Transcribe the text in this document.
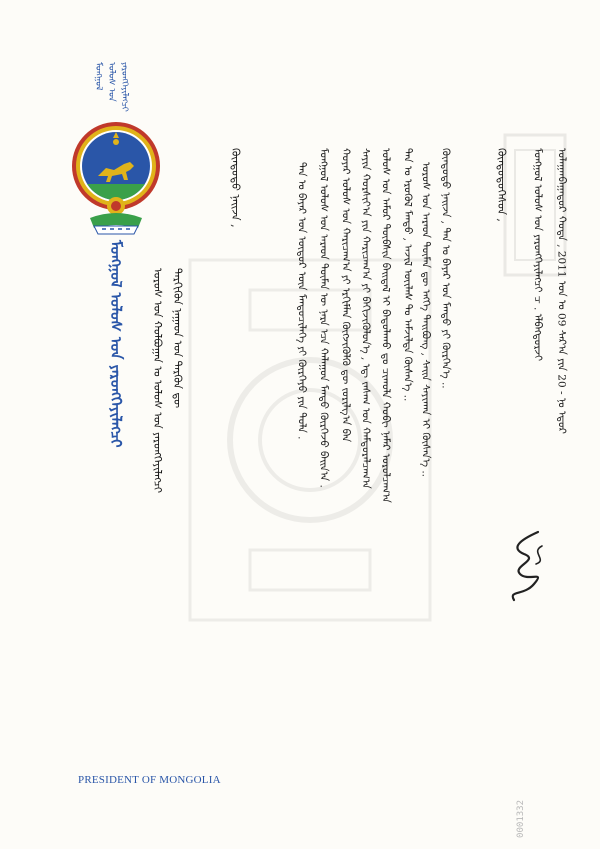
ᠮᠣᠩᠭᠣᠯ ᠤᠯᠤᠰ ᠤᠨ ᠶᠡᠷᠦᠩᠬᠡᠶᠢᠯᠡᠭᠴᠢ
ᠮᠣᠩᠭᠣᠯ ᠤᠯᠤᠰ ᠤᠨ ᠶᠡᠷᠦᠩᠬᠡᠶᠢᠯᠡᠭᠴᠢ ᠣᠷᠤᠰ ᠤᠨ ᠬᠣᠯᠪᠣᠭᠠᠨ ᠤ ᠤᠯᠤᠰ ᠤᠨ ᠶᠡᠷᠦᠩᠬᠡᠶᠢᠯᠡᠭᠴᠢ ᠲᠡᠷᠭᠢᠭᠦᠨ ᠨᠠᠭᠠᠳ ᠤᠨ ᠲᠡᠷᠭᠦᠨ ᠳᠦ
ᠬᠦᠨᠳᠦᠲᠦ ᠨᠠᠢᠵᠠ ,	ᠲᠠᠨ ᠤ ᠪᠠᠶᠠᠷ ᠤᠨ ᠦᠳᠦᠷ ᠦᠨ ᠮᠡᠨᠳᠦᠴᠢᠯᠡᠭᠡ ᠶᠢ ᠬᠦᠷᠭᠡᠶᠦ ᠶᠢᠨ ᠲᠤᠯᠠ . ᠮᠣᠩᠭᠣᠯ ᠤᠯᠤᠰ ᠤᠨ ᠠᠷᠠᠳ ᠲᠦᠮᠡᠨ ᠦ ᠨᠡᠷᠡ ᠡᠴᠡ ᠬᠠᠯᠠᠭᠤᠨ ᠮᠡᠨᠳᠦ ᠬᠦᠷᠭᠡᠵᠦ ᠪᠠᠢᠨ᠎ᠠ . ᠬᠣᠶᠠᠷ ᠤᠯᠤᠰ ᠤᠨ ᠬᠠᠷᠢᠴᠠᠭ᠎ᠠ ᠶᠢ ᠡᠷᠬᠢᠮᠯᠡᠨ ᠬᠥᠭᠵᠢᠭᠦᠯᠬᠦ ᠳᠦ ᠵᠣᠷᠢᠯᠭ᠎ᠠ ᠪᠠᠨ ᠰᠠᠶᠢᠨ ᠬᠣᠷᠰᠢᠶ᠎ᠠ ᠶᠢᠨ ᠬᠠᠷᠢᠴᠠᠭ᠎ᠠ ᠶᠢ ᠪᠡᠬᠢᠵᠢᠭᠦᠯᠦᠨ᠎ᠡ , ᠡᠳ᠋ ᠵᠠᠰᠠᠭ ᠤᠨ ᠬᠠᠮᠲᠤᠷᠠᠯᠴᠠᠭ᠎ᠠ ᠤᠯᠤᠰ ᠤᠨ ᠠᠮᠤᠷ ᠲᠦᠪᠰᠢᠨ ᠪᠠᠢᠳᠠᠯ ᠢ ᠪᠠᠲᠤᠯᠠᠬᠤ ᠳᠤ ᠴᠢᠬᠤᠯᠠ ᠬᠤᠪᠢ ᠨᠡᠮᠡᠷ ᠣᠷᠣᠯᠴᠠᠭ᠎ᠠ ᠲᠠᠨ ᠤ ᠡᠷᠦᠭᠦᠯ ᠮᠡᠨᠳᠦ , ᠠᠵᠢᠯ ᠦᠢᠯᠡᠰ ᠲᠤ ᠠᠮᠵᠢᠯᠲᠠ ᠬᠦᠰᠡᠨ᠎ᠡ .. ᠣᠷᠣᠰ ᠤᠨ ᠠᠷᠠᠳ ᠲᠦᠮᠡᠨ ᠳᠦ ᠡᠩᠬᠡ ᠲᠠᠢᠪᠤᠩ , ᠰᠠᠢᠨ ᠰᠠᠶᠢᠬᠠᠨ ᠢ ᠬᠦᠰᠡᠨ᠎ᠡ .. ᠬᠦᠨᠳᠦᠲᠦ ᠨᠠᠢᠵᠠ , ᠲᠠᠨ ᠤ ᠪᠠᠶᠠᠷ ᠤᠨ ᠮᠡᠨᠳᠦ ᠶᠢ ᠬᠦᠷᠭᠡᠨ᠎ᠡ ..	ᠬᠦᠨᠳᠦᠲᠦᠭᠡᠰᠦᠨ , ᠮᠣᠩᠭᠣᠯ ᠤᠯᠤᠰ ᠤᠨ ᠶᠡᠷᠦᠩᠬᠡᠶᠢᠯᠡᠭᠴᠢ ᠴ . ᠡᠯᠪᠡᠭᠳᠣᠷᠵᠢ ᠤᠯᠠᠭᠠᠨᠪᠠᠭᠠᠲᠤᠷ ᠬᠣᠲᠠ , 2011 ᠣᠨ ᠤ 09 ᠰᠠᠷ᠎ᠠ ᠶᠢᠨ 20 - ᠨᠤ ᠡᠳᠦᠷ
PRESIDENT OF MONGOLIA
0001332
